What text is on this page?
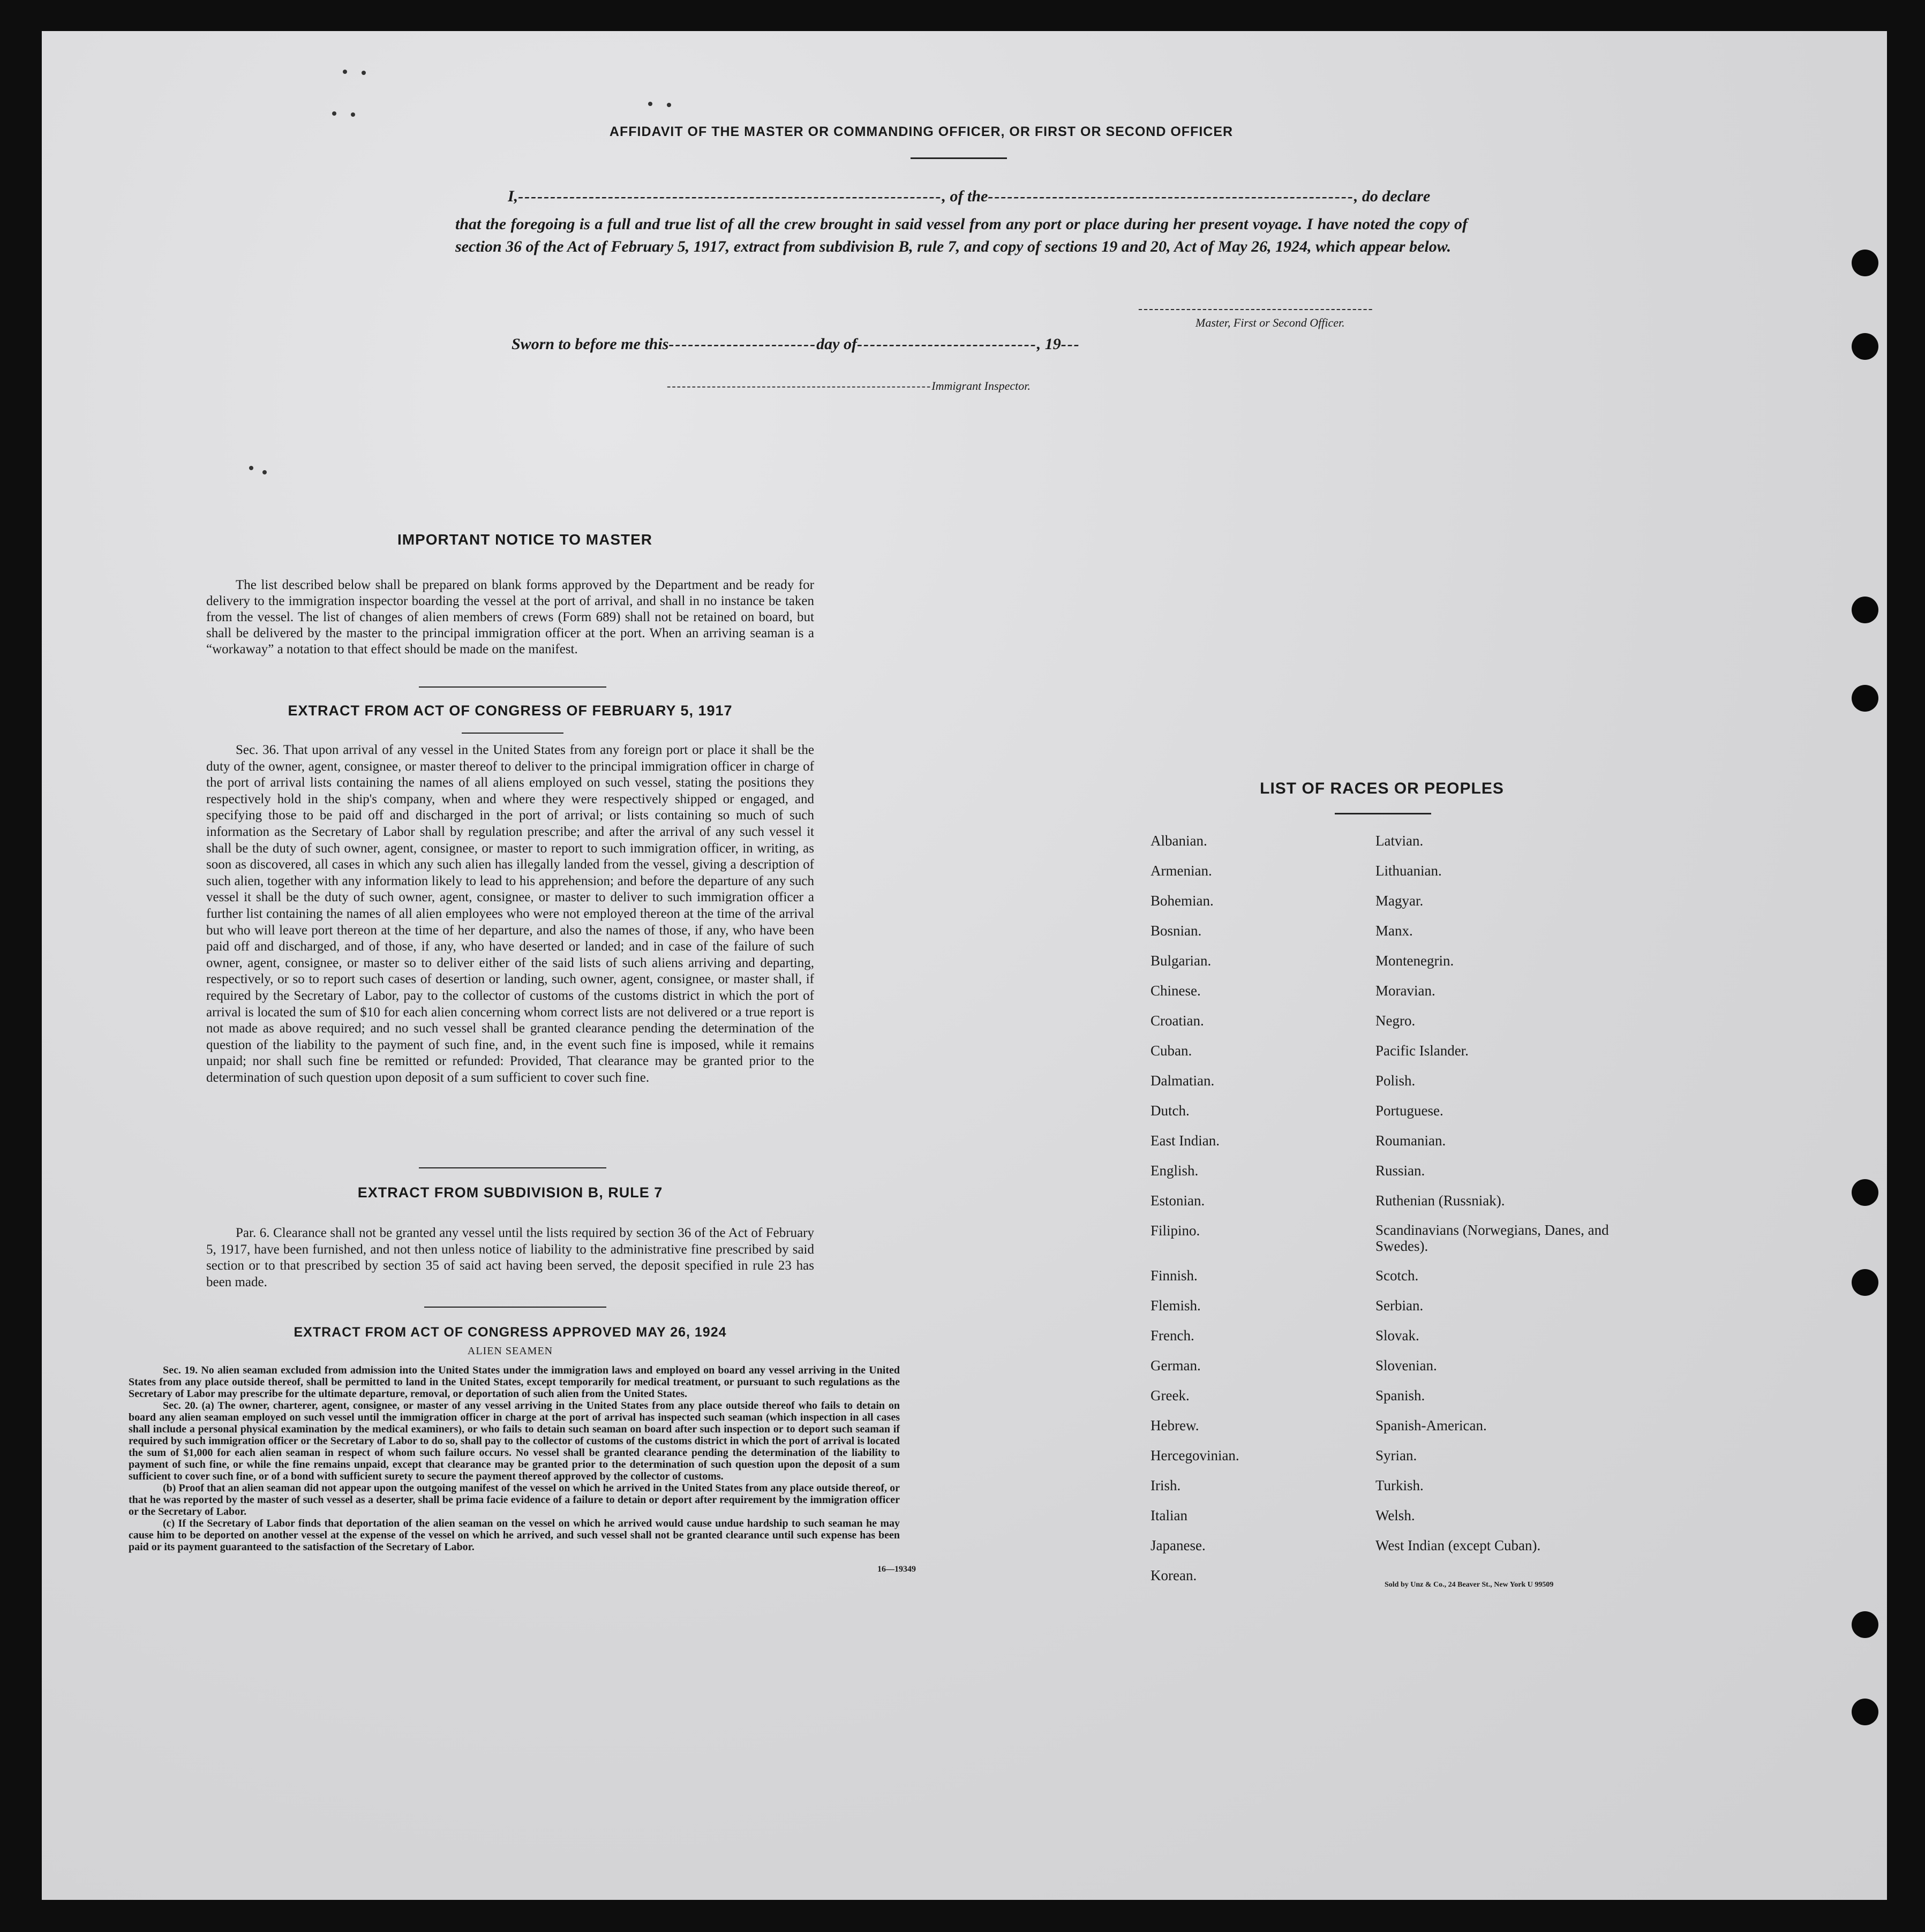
AFFIDAVIT OF THE MASTER OR COMMANDING OFFICER, OR FIRST OR SECOND OFFICER
I,------------------------------------------------------------------, of the---------------------------------------------------------, do declare
that the foregoing is a full and true list of all the crew brought in said vessel from any port or place during her present voyage. I have noted the copy of section 36 of the Act of February 5, 1917, extract from subdivision B, rule 7, and copy of sections 19 and 20, Act of May 26, 1924, which appear below.
--------------------------------------------
Master, First or Second Officer.
Sworn to before me this-----------------------day of----------------------------, 19---
-----------------------------------------------------Immigrant Inspector.
IMPORTANT NOTICE TO MASTER
The list described below shall be prepared on blank forms approved by the Department and be ready for delivery to the immigration inspector boarding the vessel at the port of arrival, and shall in no instance be taken from the vessel. The list of changes of alien members of crews (Form 689) shall not be retained on board, but shall be delivered by the master to the principal immigration officer at the port. When an arriving seaman is a “workaway” a notation to that effect should be made on the manifest.
EXTRACT FROM ACT OF CONGRESS OF FEBRUARY 5, 1917
Sec. 36. That upon arrival of any vessel in the United States from any foreign port or place it shall be the duty of the owner, agent, consignee, or master thereof to deliver to the principal immigration officer in charge of the port of arrival lists containing the names of all aliens employed on such vessel, stating the positions they respectively hold in the ship's company, when and where they were respectively shipped or engaged, and specifying those to be paid off and discharged in the port of arrival; or lists containing so much of such information as the Secretary of Labor shall by regulation prescribe; and after the arrival of any such vessel it shall be the duty of such owner, agent, consignee, or master to report to such immigration officer, in writing, as soon as discovered, all cases in which any such alien has illegally landed from the vessel, giving a description of such alien, together with any information likely to lead to his apprehension; and before the departure of any such vessel it shall be the duty of such owner, agent, consignee, or master to deliver to such immigration officer a further list containing the names of all alien employees who were not employed thereon at the time of the arrival but who will leave port thereon at the time of her departure, and also the names of those, if any, who have been paid off and discharged, and of those, if any, who have deserted or landed; and in case of the failure of such owner, agent, consignee, or master so to deliver either of the said lists of such aliens arriving and departing, respectively, or so to report such cases of desertion or landing, such owner, agent, consignee, or master shall, if required by the Secretary of Labor, pay to the collector of customs of the customs district in which the port of arrival is located the sum of $10 for each alien concerning whom correct lists are not delivered or a true report is not made as above required; and no such vessel shall be granted clearance pending the determination of the question of the liability to the payment of such fine, and, in the event such fine is imposed, while it remains unpaid; nor shall such fine be remitted or refunded: Provided, That clearance may be granted prior to the determination of such question upon deposit of a sum sufficient to cover such fine.
EXTRACT FROM SUBDIVISION B, RULE 7
Par. 6. Clearance shall not be granted any vessel until the lists required by section 36 of the Act of February 5, 1917, have been furnished, and not then unless notice of liability to the administrative fine prescribed by said section or to that prescribed by section 35 of said act having been served, the deposit specified in rule 23 has been made.
EXTRACT FROM ACT OF CONGRESS APPROVED MAY 26, 1924
ALIEN SEAMEN
Sec. 19. No alien seaman excluded from admission into the United States under the immigration laws and employed on board any vessel arriving in the United States from any place outside thereof, shall be permitted to land in the United States, except temporarily for medical treatment, or pursuant to such regulations as the Secretary of Labor may prescribe for the ultimate departure, removal, or deportation of such alien from the United States.
Sec. 20. (a) The owner, charterer, agent, consignee, or master of any vessel arriving in the United States from any place outside thereof who fails to detain on board any alien seaman employed on such vessel until the immigration officer in charge at the port of arrival has inspected such seaman (which inspection in all cases shall include a personal physical examination by the medical examiners), or who fails to detain such seaman on board after such inspection or to deport such seaman if required by such immigration officer or the Secretary of Labor to do so, shall pay to the collector of customs of the customs district in which the port of arrival is located the sum of $1,000 for each alien seaman in respect of whom such failure occurs. No vessel shall be granted clearance pending the determination of the liability to payment of such fine, or while the fine remains unpaid, except that clearance may be granted prior to the determination of such question upon the deposit of a sum sufficient to cover such fine, or of a bond with sufficient surety to secure the payment thereof approved by the collector of customs.
(b) Proof that an alien seaman did not appear upon the outgoing manifest of the vessel on which he arrived in the United States from any place outside thereof, or that he was reported by the master of such vessel as a deserter, shall be prima facie evidence of a failure to detain or deport after requirement by the immigration officer or the Secretary of Labor.
(c) If the Secretary of Labor finds that deportation of the alien seaman on the vessel on which he arrived would cause undue hardship to such seaman he may cause him to be deported on another vessel at the expense of the vessel on which he arrived, and such vessel shall not be granted clearance until such expense has been paid or its payment guaranteed to the satisfaction of the Secretary of Labor.
16—19349
LIST OF RACES OR PEOPLES
Albanian.
Armenian.
Bohemian.
Bosnian.
Bulgarian.
Chinese.
Croatian.
Cuban.
Dalmatian.
Dutch.
East Indian.
English.
Estonian.
Filipino.
Finnish.
Flemish.
French.
German.
Greek.
Hebrew.
Hercegovinian.
Irish.
Italian
Japanese.
Korean.
Latvian.
Lithuanian.
Magyar.
Manx.
Montenegrin.
Moravian.
Negro.
Pacific Islander.
Polish.
Portuguese.
Roumanian.
Russian.
Ruthenian (Russniak).
Scandinavians (Norwegians, Danes, and Swedes).
Scotch.
Serbian.
Slovak.
Slovenian.
Spanish.
Spanish-American.
Syrian.
Turkish.
Welsh.
West Indian (except Cuban).
Sold by Unz & Co., 24 Beaver St., New York U 99509
